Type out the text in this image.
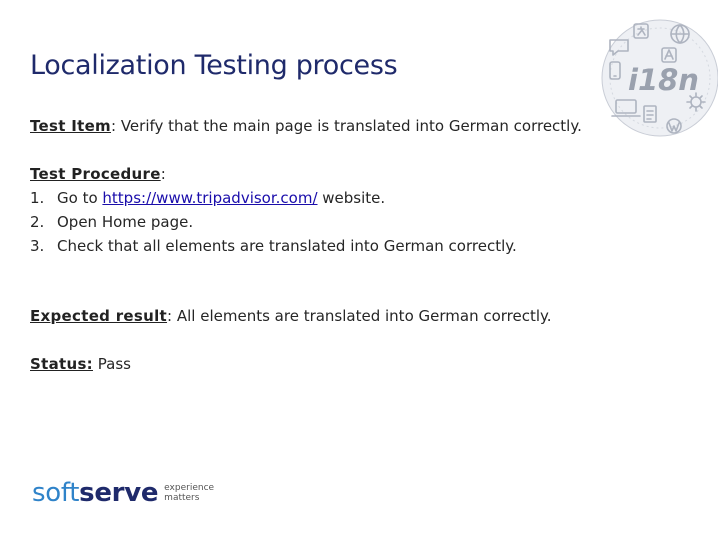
Localization Testing process

Test Item: Verify that the main page is translated into German correctly.

Test Procedure:

1. Go to https://www.tripadvisor.com/ website.
2. Open Home page.
3. Check that all elements are translated into German correctly.

Expected result: All elements are translated into German correctly.

Status: Pass

i18n
softserve experience
matters
